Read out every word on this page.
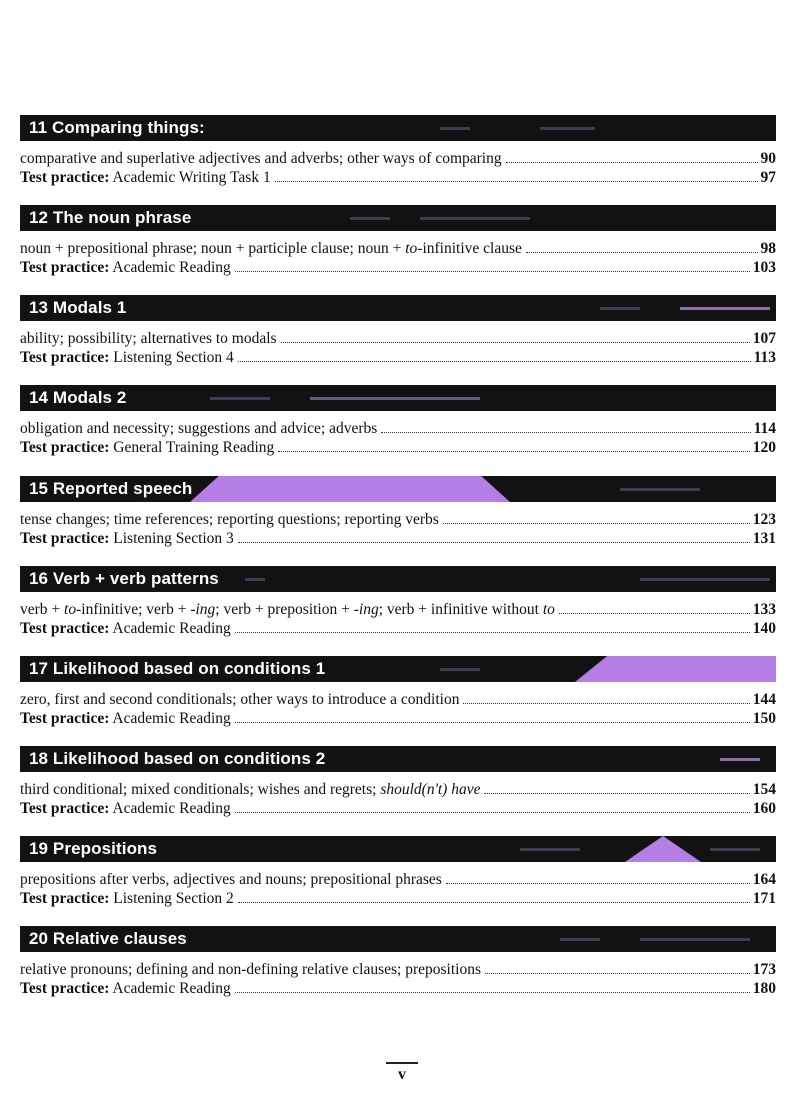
11 Comparing things:
comparative and superlative adjectives and adverbs; other ways of comparing	90
Test practice: Academic Writing Task 1	97
12 The noun phrase
noun + prepositional phrase; noun + participle clause; noun + to-infinitive clause	98
Test practice: Academic Reading	103
13 Modals 1
ability; possibility; alternatives to modals	107
Test practice: Listening Section 4	113
14 Modals 2
obligation and necessity; suggestions and advice; adverbs	114
Test practice: General Training Reading	120
15 Reported speech
tense changes; time references; reporting questions; reporting verbs	123
Test practice: Listening Section 3	131
16 Verb + verb patterns
verb + to-infinitive; verb + -ing; verb + preposition + -ing; verb + infinitive without to	133
Test practice: Academic Reading	140
17 Likelihood based on conditions 1
zero, first and second conditionals; other ways to introduce a condition	144
Test practice: Academic Reading	150
18 Likelihood based on conditions 2
third conditional; mixed conditionals; wishes and regrets; should(n't) have	154
Test practice: Academic Reading	160
19 Prepositions
prepositions after verbs, adjectives and nouns; prepositional phrases	164
Test practice: Listening Section 2	171
20 Relative clauses
relative pronouns; defining and non-defining relative clauses; prepositions	173
Test practice: Academic Reading	180
v
